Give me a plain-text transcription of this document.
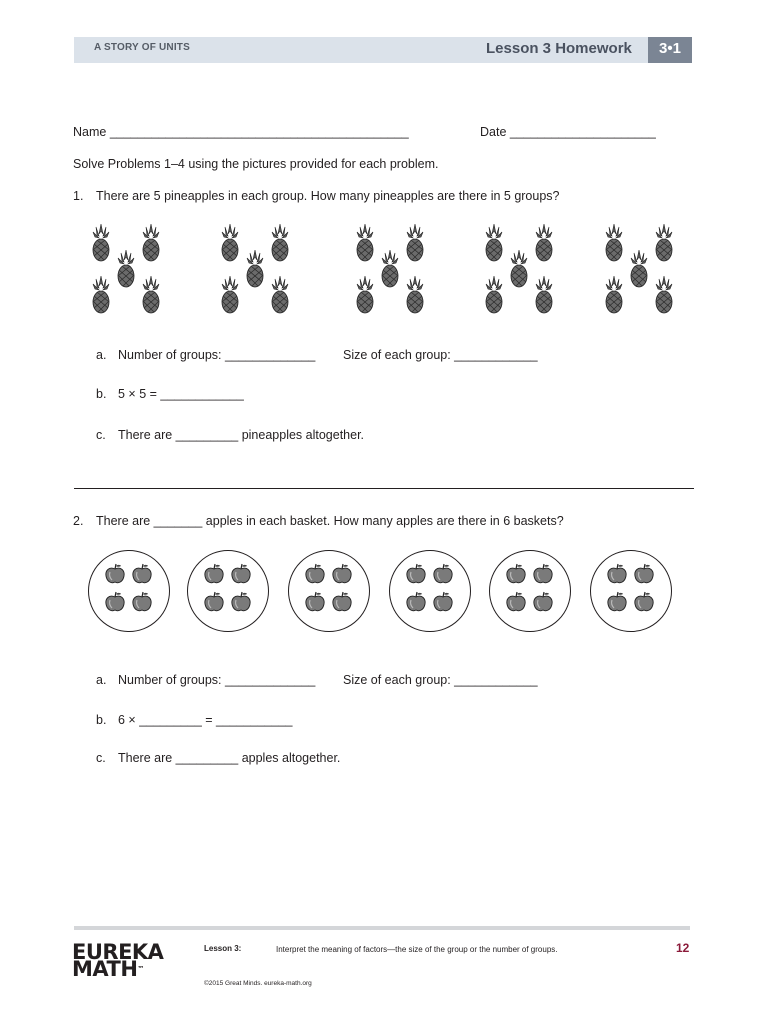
A STORY OF UNITS	Lesson 3 Homework	3•1
Name ___________________________________________	Date _____________________
Solve Problems 1–4 using the pictures provided for each problem.
1. There are 5 pineapples in each group. How many pineapples are there in 5 groups?
a. Number of groups: _____________ Size of each group: ____________
b. 5 × 5 = ____________
c. There are _________ pineapples altogether.
2. There are _______ apples in each basket. How many apples are there in 6 baskets?
a. Number of groups: _____________ Size of each group: ____________
b. 6 × _________ = ___________
c. There are _________ apples altogether.
EUREKA
MATH™
Lesson 3:	Interpret the meaning of factors—the size of the group or the number of groups.
©2015 Great Minds. eureka-math.org
12
